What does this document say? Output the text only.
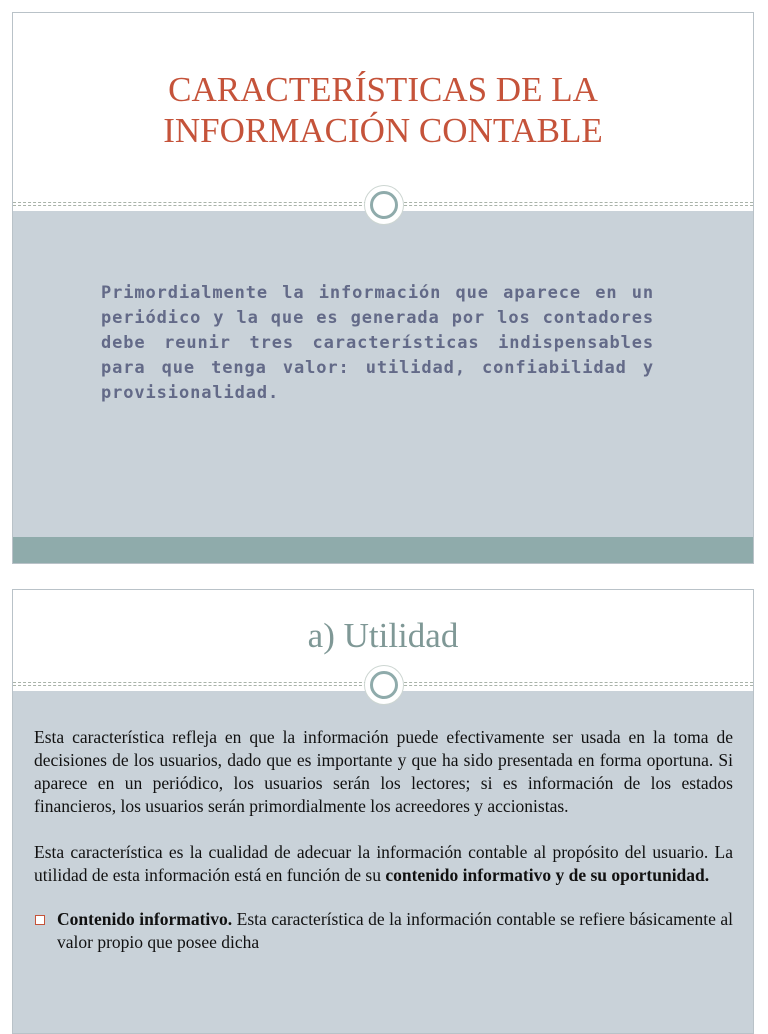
CARACTERÍSTICAS DE LA
INFORMACIÓN CONTABLE

Primordialmente la información que aparece en un periódico y la que es generada por los contadores debe reunir tres características indispensables para que tenga valor: utilidad, confiabilidad y provisionalidad.

a) Utilidad

Esta característica refleja en que la información puede efectivamente ser usada en la toma de decisiones de los usuarios, dado que es importante y que ha sido presentada en forma oportuna. Si aparece en un periódico, los usuarios serán los lectores; si es información de los estados financieros, los usuarios serán primordialmente los acreedores y accionistas.

Esta característica es la cualidad de adecuar la información contable al propósito del usuario. La utilidad de esta información está en función de su contenido informativo y de su oportunidad.

Contenido informativo. Esta característica de la información contable se refiere básicamente al valor propio que posee dicha
